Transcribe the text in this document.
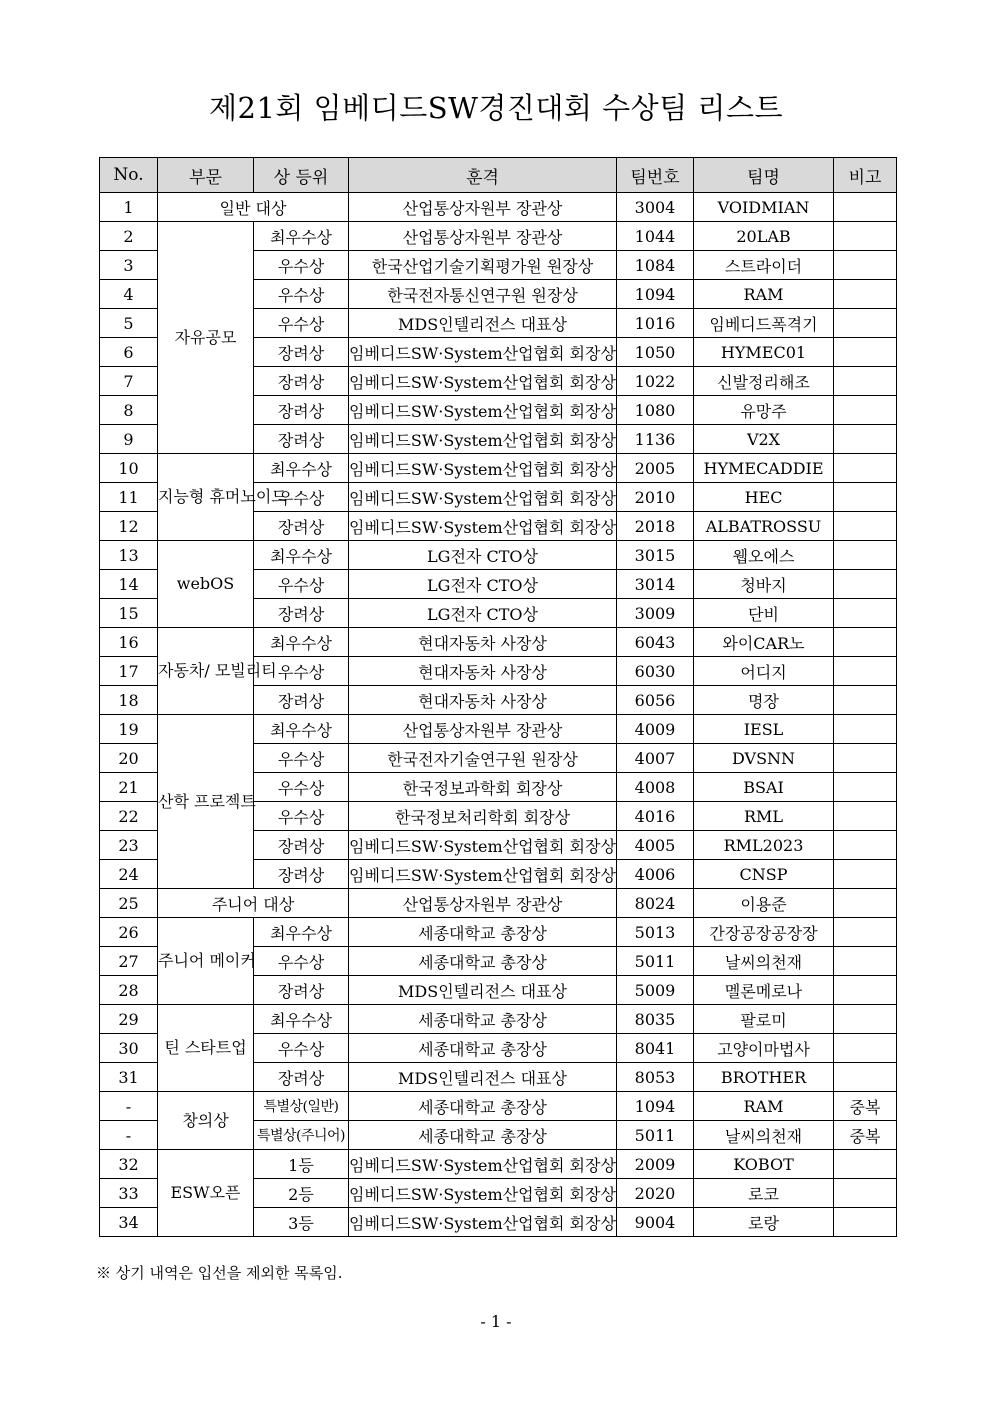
제21회 임베디드SW경진대회 수상팀 리스트
No.	부문	상 등위	훈격	팀번호	팀명	비고
1	일반 대상		산업통상자원부 장관상	3004	VOIDMIAN	
2	자유공모	최우수상	산업통상자원부 장관상	1044	20LAB	
3		우수상	한국산업기술기획평가원 원장상	1084	스트라이더	
4		우수상	한국전자통신연구원 원장상	1094	RAM	
5		우수상	MDS인텔리전스 대표상	1016	임베디드폭격기	
6		장려상	임베디드SW·System산업협회 회장상	1050	HYMEC01	
7		장려상	임베디드SW·System산업협회 회장상	1022	신발정리해조	
8		장려상	임베디드SW·System산업협회 회장상	1080	유망주	
9		장려상	임베디드SW·System산업협회 회장상	1136	V2X	
10	지능형 휴머노이드	최우수상	임베디드SW·System산업협회 회장상	2005	HYMECADDIE	
11		우수상	임베디드SW·System산업협회 회장상	2010	HEC	
12		장려상	임베디드SW·System산업협회 회장상	2018	ALBATROSSU	
13	webOS	최우수상	LG전자 CTO상	3015	웹오에스	
14		우수상	LG전자 CTO상	3014	청바지	
15		장려상	LG전자 CTO상	3009	단비	
16	자동차/ 모빌리티	최우수상	현대자동차 사장상	6043	와이CAR노	
17		우수상	현대자동차 사장상	6030	어디지	
18		장려상	현대자동차 사장상	6056	명장	
19	산학 프로젝트	최우수상	산업통상자원부 장관상	4009	IESL	
20		우수상	한국전자기술연구원 원장상	4007	DVSNN	
21		우수상	한국정보과학회 회장상	4008	BSAI	
22		우수상	한국정보처리학회 회장상	4016	RML	
23		장려상	임베디드SW·System산업협회 회장상	4005	RML2023	
24		장려상	임베디드SW·System산업협회 회장상	4006	CNSP	
25	주니어 대상		산업통상자원부 장관상	8024	이용준	
26	주니어 메이커	최우수상	세종대학교 총장상	5013	간장공장공장장	
27		우수상	세종대학교 총장상	5011	날씨의천재	
28		장려상	MDS인텔리전스 대표상	5009	멜론메로나	
29	틴 스타트업	최우수상	세종대학교 총장상	8035	팔로미	
30		우수상	세종대학교 총장상	8041	고양이마법사	
31		장려상	MDS인텔리전스 대표상	8053	BROTHER	
-	창의상	특별상(일반)	세종대학교 총장상	1094	RAM	중복
-		특별상(주니어)	세종대학교 총장상	5011	날씨의천재	중복
32	ESW오픈	1등	임베디드SW·System산업협회 회장상	2009	KOBOT	
33		2등	임베디드SW·System산업협회 회장상	2020	로코	
34		3등	임베디드SW·System산업협회 회장상	9004	로랑	
※ 상기 내역은 입선을 제외한 목록임.
- 1 -
